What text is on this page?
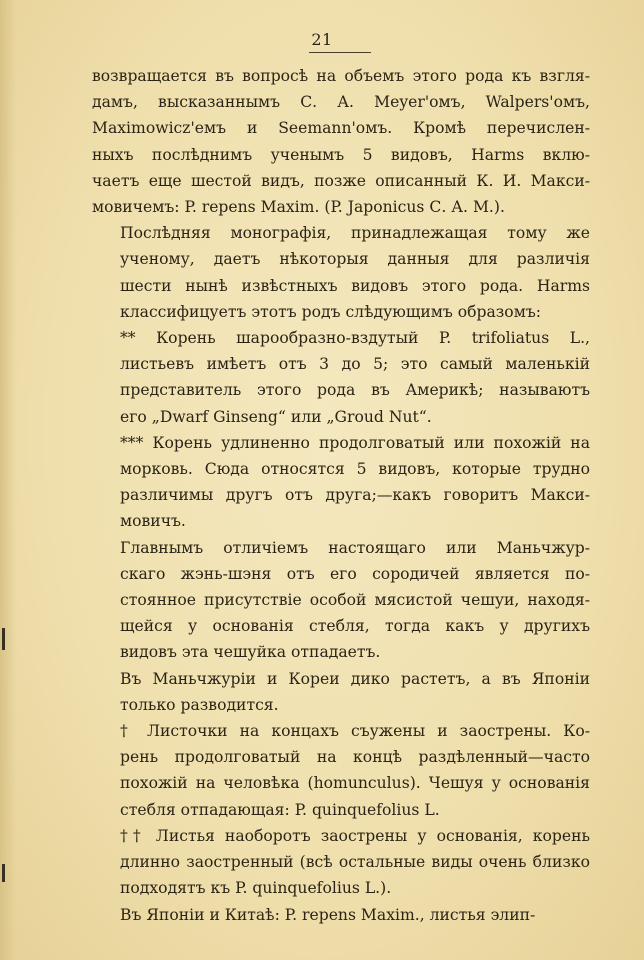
21

возвращается въ вопросѣ на объемъ этого рода къ взгля-
дамъ, высказаннымъ С. А. Meyer'омъ, Walpers'омъ,
Maximowicz'емъ и Seemann'омъ. Кромѣ перечислен-
ныхъ послѣднимъ ученымъ 5 видовъ, Harms вклю-
чаетъ еще шестой видъ, позже описанный К. И. Макси-
мовичемъ: P. repens Maxim. (P. Japonicus С. А. М.).

Послѣдняя монографія, принадлежащая тому же
ученому, даетъ нѣкоторыя данныя для различія
шести нынѣ извѣстныхъ видовъ этого рода. Harms
классифицуетъ этотъ родъ слѣдующимъ образомъ:

** Корень шарообразно-вздутый P. trifoliatus L.,
листьевъ имѣетъ отъ 3 до 5; это самый маленькій
представитель этого рода въ Америкѣ; называютъ
его „Dwarf Ginseng“ или „Groud Nut“.

*** Корень удлиненно продолговатый или похожій на
морковь. Сюда относятся 5 видовъ, которые трудно
различимы другъ отъ друга;—какъ говоритъ Макси-
мовичъ.

Главнымъ отличіемъ настоящаго или Маньчжур-
скаго жэнь-шэня отъ его сородичей является по-
стоянное присутствіе особой мясистой чешуи, находя-
щейся у основанія стебля, тогда какъ у другихъ
видовъ эта чешуйка отпадаетъ.

Въ Маньчжуріи и Кореи дико растетъ, а въ Японіи
только разводится.

† Листочки на концахъ съужены и заострены. Ко-
рень продолговатый на концѣ раздѣленный—часто
похожій на человѣка (homunculus). Чешуя у основанія
стебля отпадающая: P. quinquefolius L.

†† Листья наоборотъ заострены у основанія, корень
длинно заостренный (всѣ остальные виды очень близко
подходятъ къ P. quinquefolius L.).

Въ Японіи и Китаѣ: P. repens Maxim., листья элип-
